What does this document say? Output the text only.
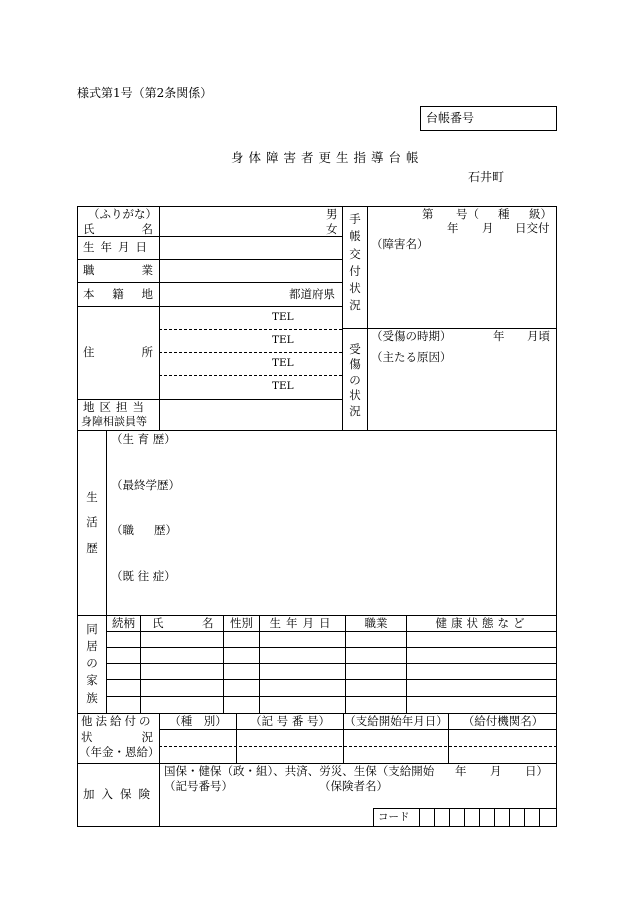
様式第1号（第2条関係）
台帳番号
身体障害者更生指導台帳
石井町
（ふりがな）
氏	名
男
女
生年月日
職	業
本 籍 地	都道府県
住	所
TEL
TEL
TEL
TEL
地区担当
身障相談員等
手
帳
交
付
状
況
第 号（ 種 級）
年 月 日交付
（障害名）
受
傷
の
状
況
（受傷の時期）	年 月頃
（主たる原因）
生
活
歴
（生 育 歴）
（最終学歴）
（職 歴）
（既 往 症）
同
居
の
家
族
続柄	氏	名	性別	生年月日	職業	健康状態など
他法給付の
状	況
（年金・恩給）
（種　別）	（記 号 番 号）	（支給開始年月日）	（給付機関名）
加入保険
国保・健保（政・組）、共済、労災、生保（支給開始 年 月 日）
（記号番号）	（保険者名）
コード
